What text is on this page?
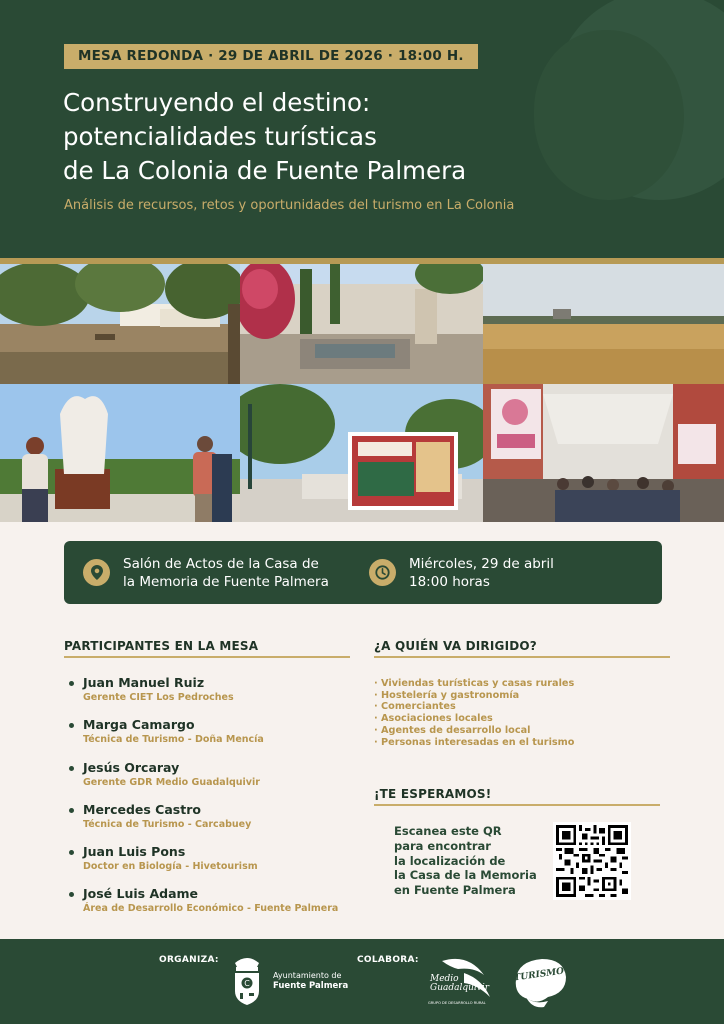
MESA REDONDA · 29 DE ABRIL DE 2026 · 18:00 H.
Construyendo el destino:
potencialidades turísticas
de La Colonia de Fuente Palmera
Análisis de recursos, retos y oportunidades del turismo en La Colonia
Salón de Actos de la Casa de
la Memoria de Fuente Palmera
Miércoles, 29 de abril
18:00 horas
PARTICIPANTES EN LA MESA
Juan Manuel Ruiz
Gerente CIET Los Pedroches
Marga Camargo
Técnica de Turismo - Doña Mencía
Jesús Orcaray
Gerente GDR Medio Guadalquivir
Mercedes Castro
Técnica de Turismo - Carcabuey
Juan Luis Pons
Doctor en Biología - Hivetourism
José Luis Adame
Área de Desarrollo Económico - Fuente Palmera
¿A QUIÉN VA DIRIGIDO?
· Viviendas turísticas y casas rurales
· Hostelería y gastronomía
· Comerciantes
· Asociaciones locales
· Agentes de desarrollo local
· Personas interesadas en el turismo
¡TE ESPERAMOS!
Escanea este QR
para encontrar
la localización de
la Casa de la Memoria
en Fuente Palmera
ORGANIZA:
C
Ayuntamiento de
Fuente Palmera
COLABORA:
Medio
Guadalquivir
GRUPO DE DESARROLLO RURAL
TURISMO
